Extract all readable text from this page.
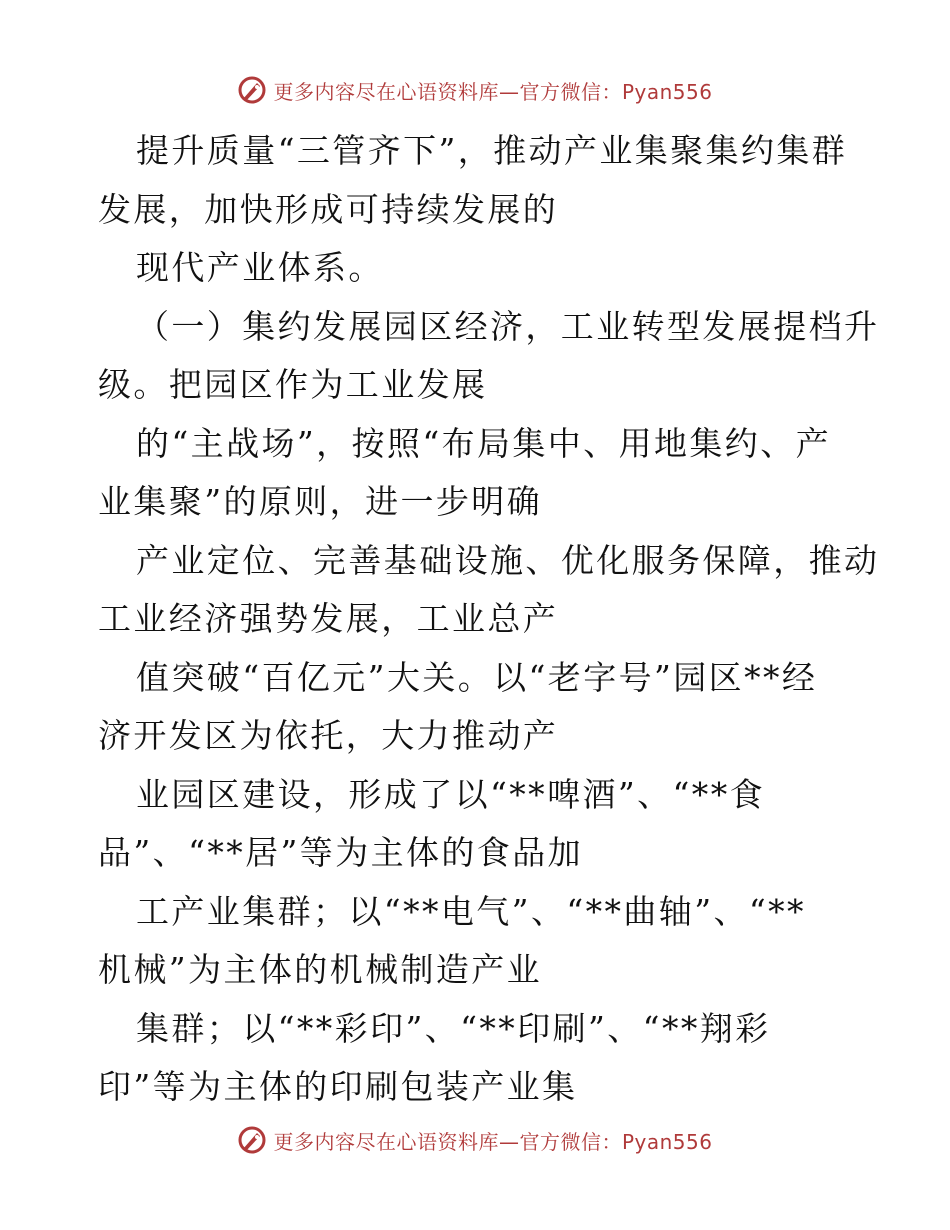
更多内容尽在心语资料库—官方微信：Pyan556
提升质量“三管齐下”，推动产业集聚集约集群
发展，加快形成可持续发展的
现代产业体系。
（一）集约发展园区经济，工业转型发展提档升
级。把园区作为工业发展
的“主战场”，按照“布局集中、用地集约、产
业集聚”的原则，进一步明确
产业定位、完善基础设施、优化服务保障，推动
工业经济强势发展，工业总产
值突破“百亿元”大关。以“老字号”园区**经
济开发区为依托，大力推动产
业园区建设，形成了以“**啤酒”、“**食
品”、“**居”等为主体的食品加
工产业集群；以“**电气”、“**曲轴”、“**
机械”为主体的机械制造产业
集群；以“**彩印”、“**印刷”、“**翔彩
印”等为主体的印刷包装产业集
更多内容尽在心语资料库—官方微信：Pyan556
